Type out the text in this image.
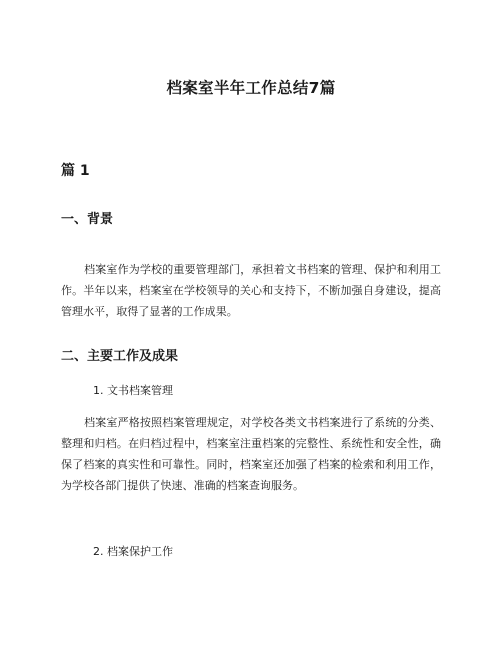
档案室半年工作总结7篇
篇 1
一、背景

档案室作为学校的重要管理部门，承担着文书档案的管理、保护和利用工作。半年以来，档案室在学校领导的关心和支持下，不断加强自身建设，提高管理水平，取得了显著的工作成果。

二、主要工作及成果

1. 文书档案管理

档案室严格按照档案管理规定，对学校各类文书档案进行了系统的分类、整理和归档。在归档过程中，档案室注重档案的完整性、系统性和安全性，确保了档案的真实性和可靠性。同时，档案室还加强了档案的检索和利用工作，为学校各部门提供了快速、准确的档案查询服务。

2. 档案保护工作
